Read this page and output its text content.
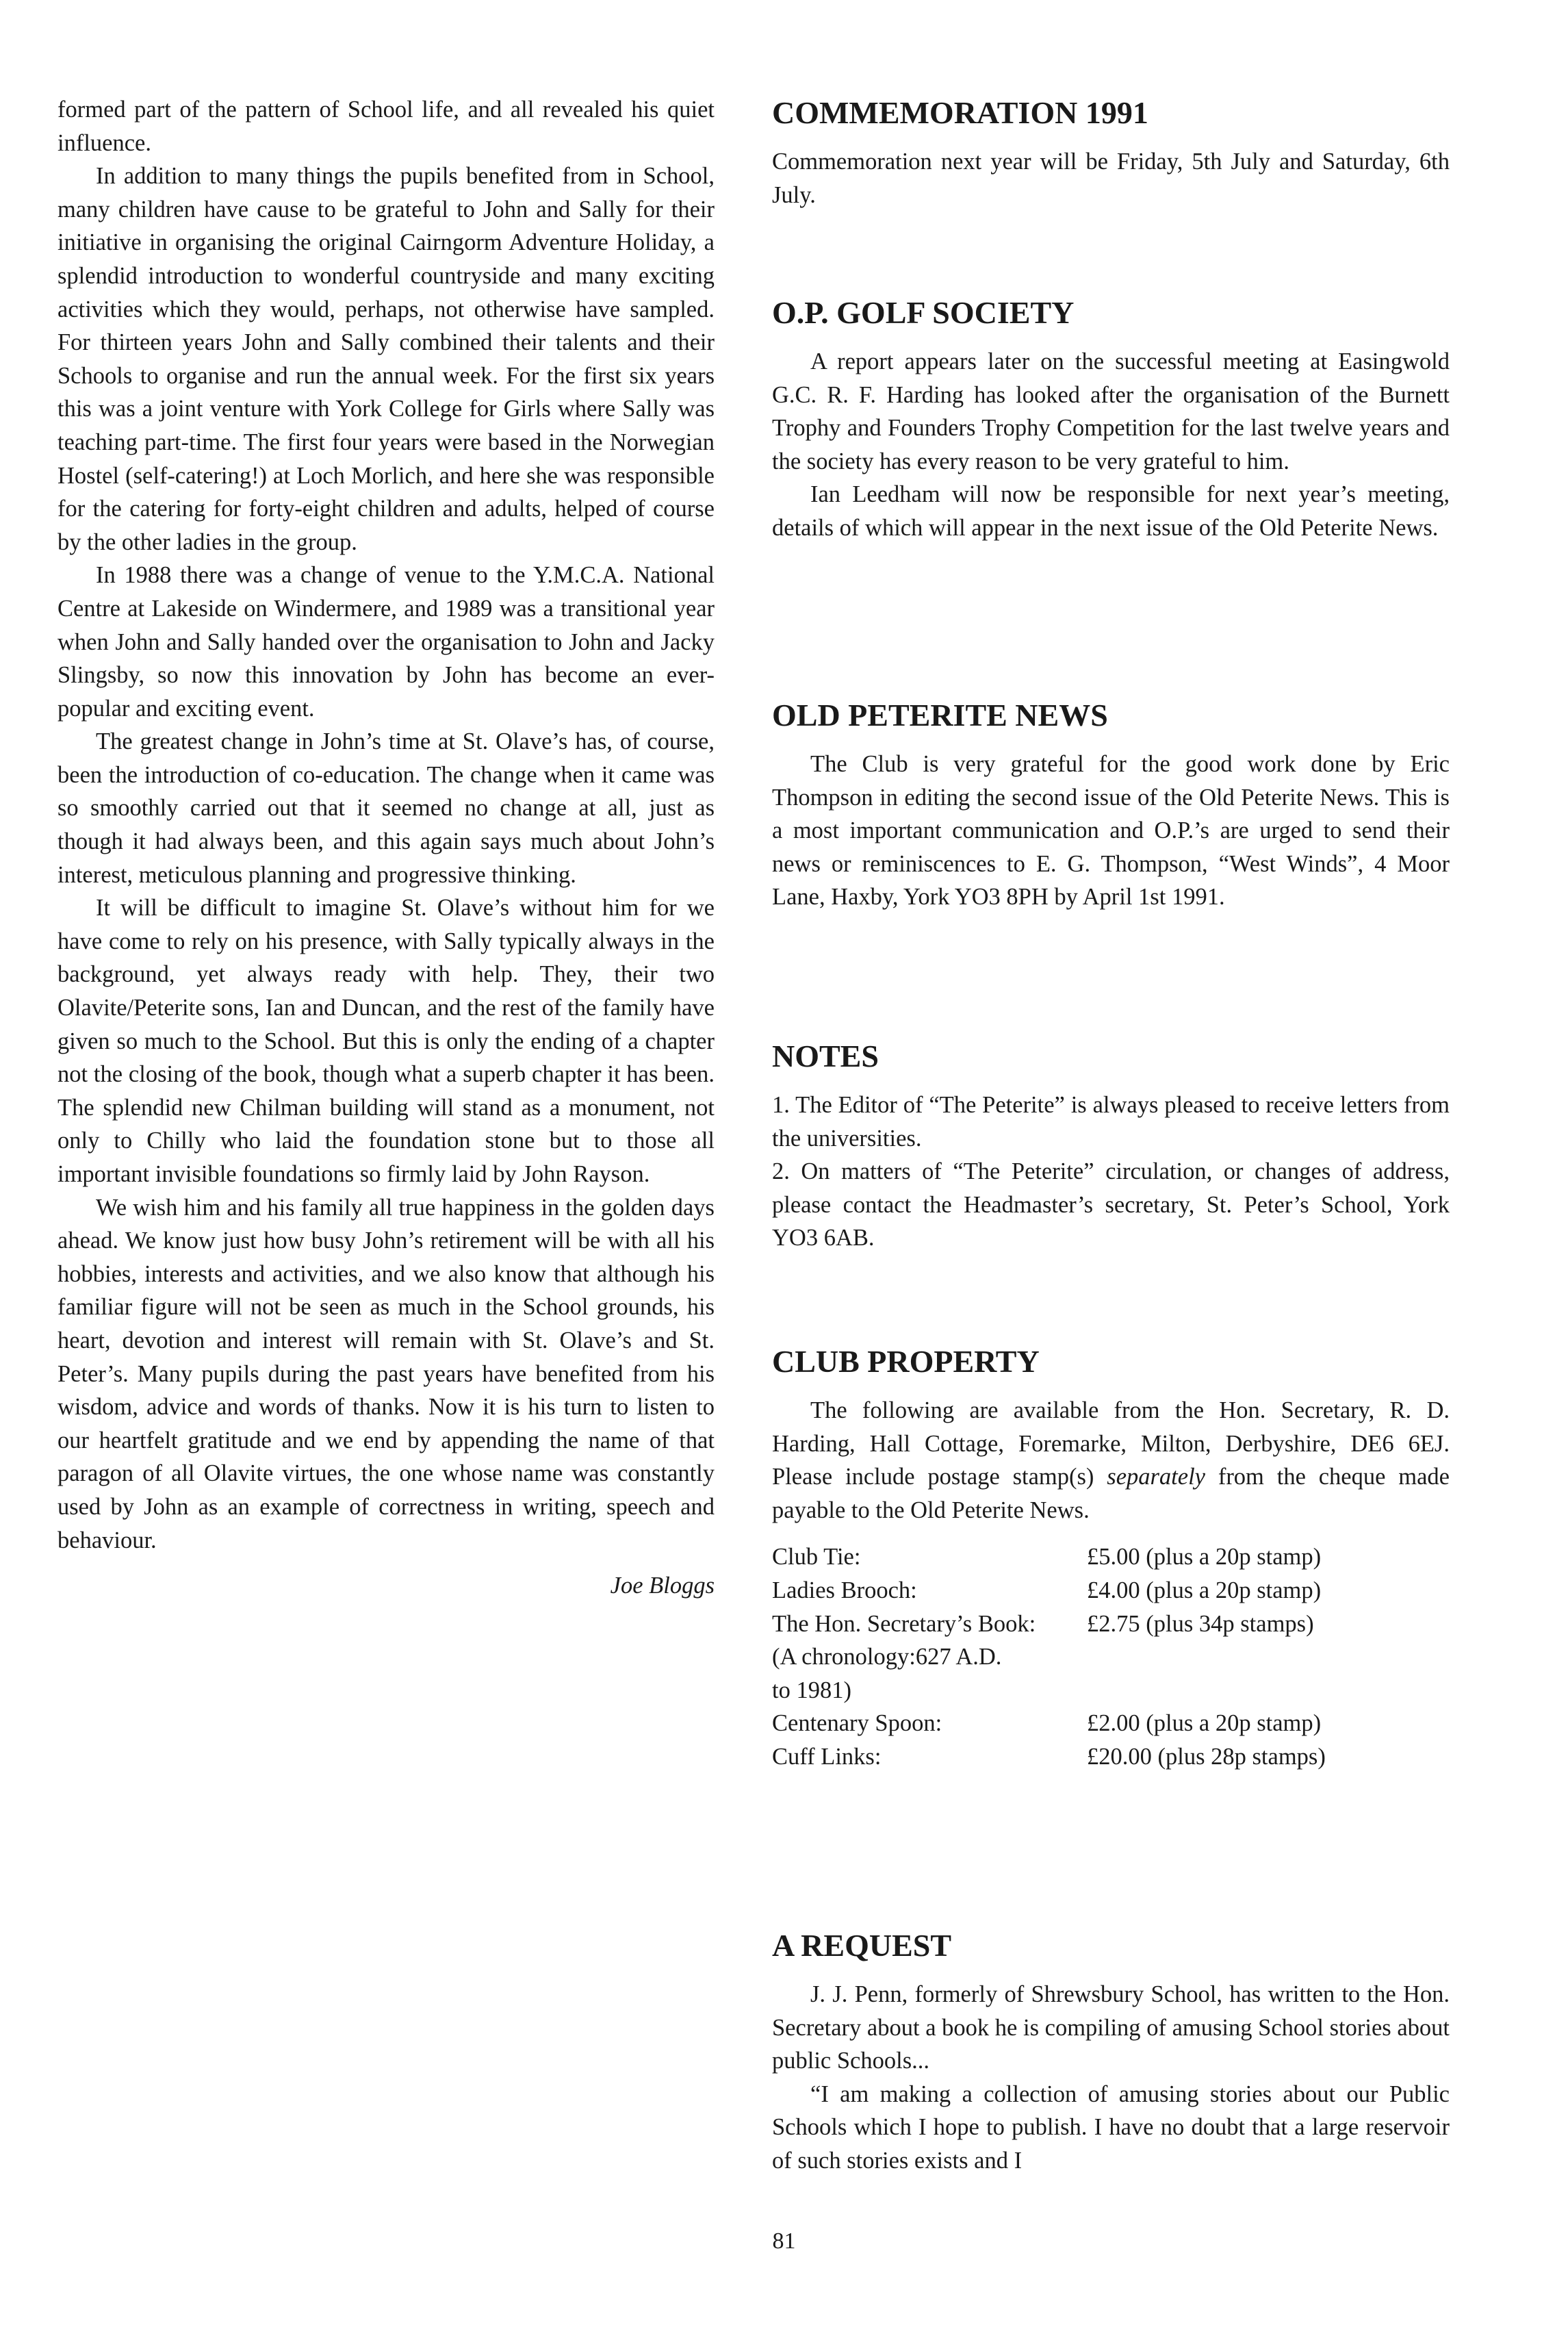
formed part of the pattern of School life, and all revealed his quiet influence.

In addition to many things the pupils benefited from in School, many children have cause to be grateful to John and Sally for their initiative in organising the original Cairngorm Adventure Holiday, a splendid introduction to wonderful countryside and many exciting activities which they would, perhaps, not otherwise have sampled. For thirteen years John and Sally combined their talents and their Schools to organise and run the annual week. For the first six years this was a joint venture with York College for Girls where Sally was teaching part-time. The first four years were based in the Norwegian Hostel (self-catering!) at Loch Morlich, and here she was responsible for the catering for forty-eight children and adults, helped of course by the other ladies in the group.

In 1988 there was a change of venue to the Y.M.C.A. National Centre at Lakeside on Windermere, and 1989 was a transitional year when John and Sally handed over the organisation to John and Jacky Slingsby, so now this innovation by John has become an ever-popular and exciting event.

The greatest change in John’s time at St. Olave’s has, of course, been the introduction of co-education. The change when it came was so smoothly carried out that it seemed no change at all, just as though it had always been, and this again says much about John’s interest, meticulous planning and progressive thinking.

It will be difficult to imagine St. Olave’s without him for we have come to rely on his presence, with Sally typically always in the background, yet always ready with help. They, their two Olavite/Peterite sons, Ian and Duncan, and the rest of the family have given so much to the School. But this is only the ending of a chapter not the closing of the book, though what a superb chapter it has been. The splendid new Chilman building will stand as a monument, not only to Chilly who laid the foundation stone but to those all important invisible foundations so firmly laid by John Rayson.

We wish him and his family all true happiness in the golden days ahead. We know just how busy John’s retirement will be with all his hobbies, interests and activities, and we also know that although his familiar figure will not be seen as much in the School grounds, his heart, devotion and interest will remain with St. Olave’s and St. Peter’s. Many pupils during the past years have benefited from his wisdom, advice and words of thanks. Now it is his turn to listen to our heartfelt gratitude and we end by appending the name of that paragon of all Olavite virtues, the one whose name was constantly used by John as an example of correctness in writing, speech and behaviour.

Joe Bloggs

COMMEMORATION 1991

Commemoration next year will be Friday, 5th July and Saturday, 6th July.

O.P. GOLF SOCIETY

A report appears later on the successful meeting at Easingwold G.C. R. F. Harding has looked after the organisation of the Burnett Trophy and Founders Trophy Competition for the last twelve years and the society has every reason to be very grateful to him.

Ian Leedham will now be responsible for next year’s meeting, details of which will appear in the next issue of the Old Peterite News.

OLD PETERITE NEWS

The Club is very grateful for the good work done by Eric Thompson in editing the second issue of the Old Peterite News. This is a most important communication and O.P.’s are urged to send their news or reminiscences to E. G. Thompson, “West Winds”, 4 Moor Lane, Haxby, York YO3 8PH by April 1st 1991.

NOTES

1. The Editor of “The Peterite” is always pleased to receive letters from the universities.

2. On matters of “The Peterite” circulation, or changes of address, please contact the Headmaster’s secretary, St. Peter’s School, York YO3 6AB.

CLUB PROPERTY

The following are available from the Hon. Secretary, R. D. Harding, Hall Cottage, Foremarke, Milton, Derbyshire, DE6 6EJ. Please include postage stamp(s) separately from the cheque made payable to the Old Peterite News.

Club Tie:	£5.00 (plus a 20p stamp)
Ladies Brooch:	£4.00 (plus a 20p stamp)
The Hon. Secretary’s Book:	£2.75 (plus 34p stamps)
(A chronology:627 A.D.	
to 1981)	
Centenary Spoon:	£2.00 (plus a 20p stamp)
Cuff Links:	£20.00 (plus 28p stamps)
A REQUEST

J. J. Penn, formerly of Shrewsbury School, has written to the Hon. Secretary about a book he is compiling of amusing School stories about public Schools...

“I am making a collection of amusing stories about our Public Schools which I hope to publish. I have no doubt that a large reservoir of such stories exists and I

81
